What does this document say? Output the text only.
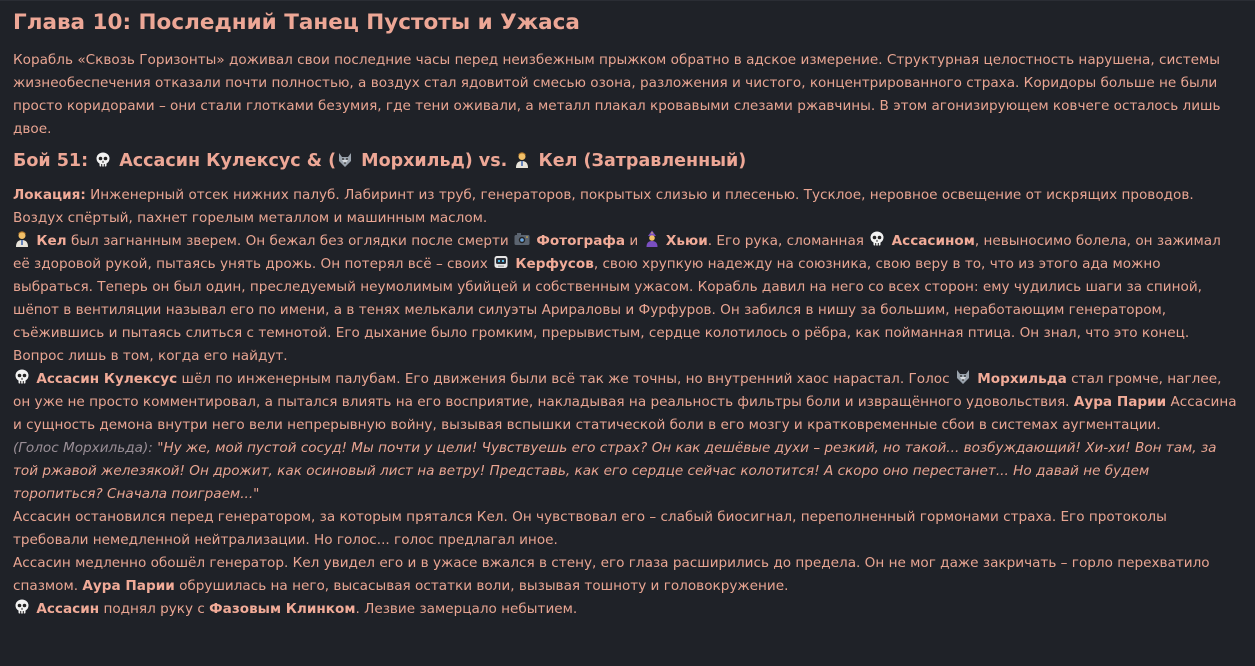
Глава 10: Последний Танец Пустоты и Ужаса

Корабль «Сквозь Горизонты» доживал свои последние часы перед неизбежным прыжком обратно в адское измерение. Структурная целостность нарушена, системы жизнеобеспечения отказали почти полностью, а воздух стал ядовитой смесью озона, разложения и чистого, концентрированного страха. Коридоры больше не были просто коридорами – они стали глотками безумия, где тени оживали, а металл плакал кровавыми слезами ржавчины. В этом агонизирующем ковчеге осталось лишь двое.

Бой 51:
Ассасин Кулексус & ( Морхильд) vs.
Кел (Затравленный)

Локация: Инженерный отсек нижних палуб. Лабиринт из труб, генераторов, покрытых слизью и плесенью. Тусклое, неровное освещение от искрящих проводов. Воздух спёртый, пахнет горелым металлом и машинным маслом.

Кел был загнанным зверем. Он бежал без оглядки после смерти
Фотографа и
Хьюи. Его рука, сломанная
Ассасином, невыносимо болела, он зажимал её здоровой рукой, пытаясь унять дрожь. Он потерял всё – своих
Керфусов, свою хрупкую надежду на союзника, свою веру в то, что из этого ада можно выбраться. Теперь он был один, преследуемый неумолимым убийцей и собственным ужасом. Корабль давил на него со всех сторон: ему чудились шаги за спиной, шёпот в вентиляции называл его по имени, а в тенях мелькали силуэты Арираловы и Фурфуров. Он забился в нишу за большим, неработающим генератором, съёжившись и пытаясь слиться с темнотой. Его дыхание было громким, прерывистым, сердце колотилось о рёбра, как пойманная птица. Он знал, что это конец. Вопрос лишь в том, когда его найдут.

Ассасин Кулексус шёл по инженерным палубам. Его движения были всё так же точны, но внутренний хаос нарастал. Голос
Морхильда стал громче, наглее, он уже не просто комментировал, а пытался влиять на его восприятие, накладывая на реальность фильтры боли и извращённого удовольствия. Аура Парии Ассасина и сущность демона внутри него вели непрерывную войну, вызывая вспышки статической боли в его мозгу и кратковременные сбои в системах аугментации.

(Голос Морхильда): "Ну же, мой пустой сосуд! Мы почти у цели! Чувствуешь его страх? Он как дешёвые духи – резкий, но такой... возбуждающий! Хи-хи! Вон там, за той ржавой железякой! Он дрожит, как осиновый лист на ветру! Представь, как его сердце сейчас колотится! А скоро оно перестанет... Но давай не будем торопиться? Сначала поиграем..."

Ассасин остановился перед генератором, за которым прятался Кел. Он чувствовал его – слабый биосигнал, переполненный гормонами страха. Его протоколы требовали немедленной нейтрализации. Но голос... голос предлагал иное.

Ассасин медленно обошёл генератор. Кел увидел его и в ужасе вжался в стену, его глаза расширились до предела. Он не мог даже закричать – горло перехватило спазмом. Аура Парии обрушилась на него, высасывая остатки воли, вызывая тошноту и головокружение.

Ассасин поднял руку с Фазовым Клинком. Лезвие замерцало небытием.
